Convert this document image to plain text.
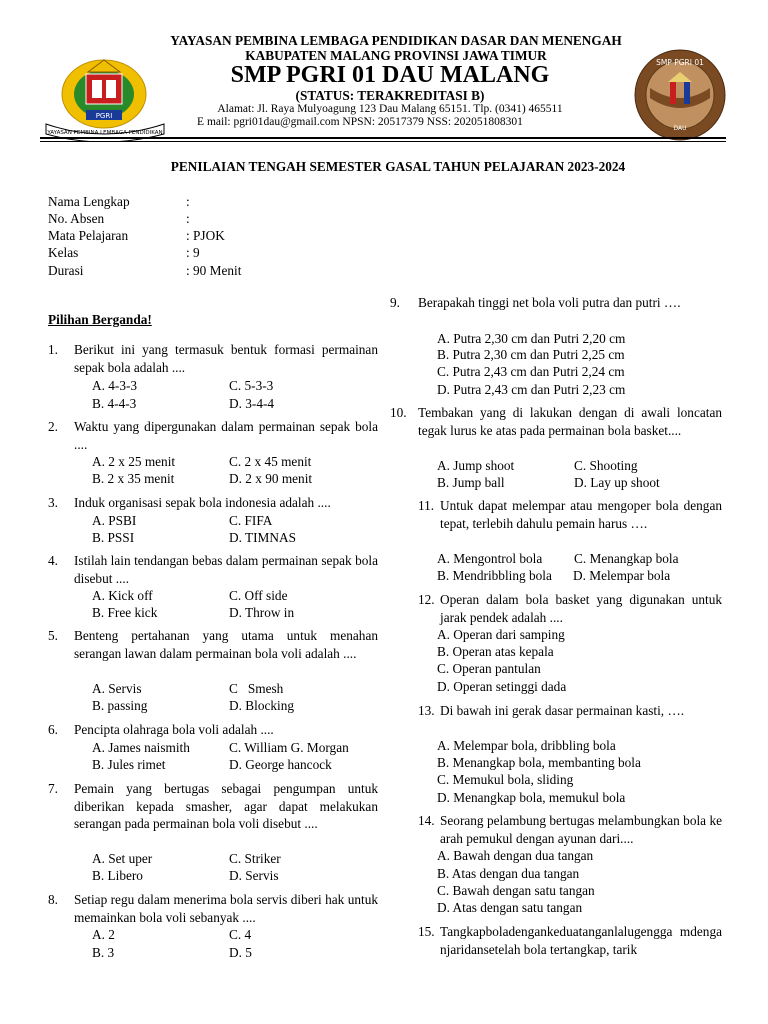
YAYASAN PEMBINA LEMBAGA PENDIDIKAN DASAR DAN MENENGAH
KABUPATEN MALANG PROVINSI JAWA TIMUR
SMP PGRI 01 DAU MALANG
(STATUS: TERAKREDITASI B)
Alamat: Jl. Raya Mulyoagung 123 Dau Malang 65151. Tlp. (0341) 465511
E mail: pgri01dau@gmail.com NPSN: 20517379 NSS: 202051808301
PGRI
YAYASAN PEMBINA LEMBAGA PENDIDIKAN
SMP PGRI 01
DAU
PENILAIAN TENGAH SEMESTER GASAL TAHUN PELAJARAN 2023-2024
Nama Lengkap	:
No. Absen	:
Mata Pelajaran	: PJOK
Kelas	: 9
Durasi	: 90 Menit
Pilihan Berganda!
1. Berikut ini yang termasuk bentuk formasi permainan sepak bola adalah ....
A. 4-3-3	C. 5-3-3
B. 4-4-3	D. 3-4-4
2. Waktu yang dipergunakan dalam permainan sepak bola ....
A. 2 x 25 menit	C. 2 x 45 menit
B. 2 x 35 menit	D. 2 x 90 menit
3. Induk organisasi sepak bola indonesia adalah ....
A. PSBI	C. FIFA
B. PSSI	D. TIMNAS
4. Istilah lain tendangan bebas dalam permainan sepak bola disebut ....
A. Kick off	C. Off side
B. Free kick	D. Throw in
5. Benteng pertahanan yang utama untuk menahan serangan lawan dalam permainan bola voli adalah ....
A. Servis	C   Smesh
B. passing	D. Blocking
6. Pencipta olahraga bola voli adalah ....
A. James naismith	C. William G. Morgan
B. Jules rimet	D. George hancock
7. Pemain yang bertugas sebagai pengumpan untuk diberikan kepada smasher, agar dapat melakukan serangan pada permainan bola voli disebut ....
A. Set uper	C. Striker
B. Libero	D. Servis
8. Setiap regu dalam menerima bola servis diberi hak untuk memainkan bola voli sebanyak ....
A. 2	C. 4
B. 3	D. 5
9. Berapakah tinggi net bola voli putra dan putri ….
A. Putra 2,30 cm dan Putri 2,20 cm
B. Putra 2,30 cm dan Putri 2,25 cm
C. Putra 2,43 cm dan Putri 2,24 cm
D. Putra 2,43 cm dan Putri 2,23 cm
10. Tembakan yang di lakukan dengan di awali loncatan tegak lurus ke atas pada permainan bola basket....
A. Jump shoot	C. Shooting
B. Jump ball	D. Lay up shoot
11. Untuk dapat melempar atau mengoper bola dengan tepat, terlebih dahulu pemain harus ….
A. Mengontrol bola C. Menangkap bola
B. Mendribbling bola D. Melempar bola
12. Operan dalam bola basket yang digunakan untuk jarak pendek adalah ....
A. Operan dari samping
B. Operan atas kepala
C. Operan pantulan
D. Operan setinggi dada
13. Di bawah ini gerak dasar permainan kasti, ….
A. Melempar bola, dribbling bola
B. Menangkap bola, membanting bola
C. Memukul bola, sliding
D. Menangkap bola, memukul bola
14. Seorang pelambung bertugas melambungkan bola ke arah pemukul dengan ayunan dari....
A. Bawah dengan dua tangan
B. Atas dengan dua tangan
C. Bawah dengan satu tangan
D. Atas dengan satu tangan
15. Tangkapboladengankeduatanganlalugengga mdenganjaridansetelah bola tertangkap, tarik
